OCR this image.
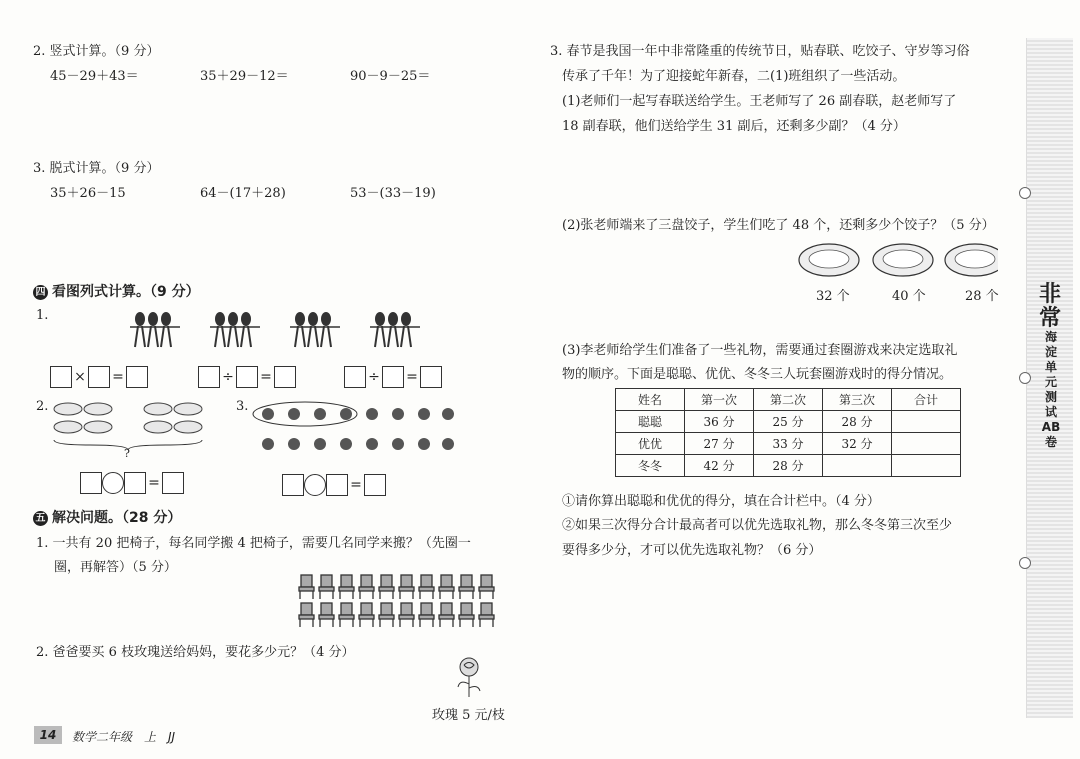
2. 竖式计算。（9 分）
45－29＋43＝	35＋29－12＝	90－9－25＝
3. 脱式计算。（9 分）
35＋26－15	64－(17＋28)	53－(33－19)
四 看图列式计算。（9 分）
1.
× =	÷ =	÷ =
2.
?
=
3.
=
五 解决问题。（28 分）
1. 一共有 20 把椅子，每名同学搬 4 把椅子，需要几名同学来搬？（先圈一
圈，再解答）（5 分）
2. 爸爸要买 6 枝玫瑰送给妈妈，要花多少元？（4 分）
玫瑰 5 元/枝
14	数学二年级　上　JJ
3. 春节是我国一年中非常隆重的传统节日，贴春联、吃饺子、守岁等习俗
传承了千年！为了迎接蛇年新春，二(1)班组织了一些活动。
(1)老师们一起写春联送给学生。王老师写了 26 副春联，赵老师写了
18 副春联，他们送给学生 31 副后，还剩多少副？（4 分）
(2)张老师端来了三盘饺子，学生们吃了 48 个，还剩多少个饺子？（5 分）
32 个	40 个	28 个
(3)李老师给学生们准备了一些礼物，需要通过套圈游戏来决定选取礼
物的顺序。下面是聪聪、优优、冬冬三人玩套圈游戏时的得分情况。
姓名	第一次	第二次	第三次	合计
聪聪	36 分	25 分	28 分	
优优	27 分	33 分	32 分	
冬冬	42 分	28 分		
①请你算出聪聪和优优的得分，填在合计栏中。（4 分）
②如果三次得分合计最高者可以优先选取礼物，那么冬冬第三次至少
要得多少分，才可以优先选取礼物？（6 分）
非常
海淀单元测试AB卷
